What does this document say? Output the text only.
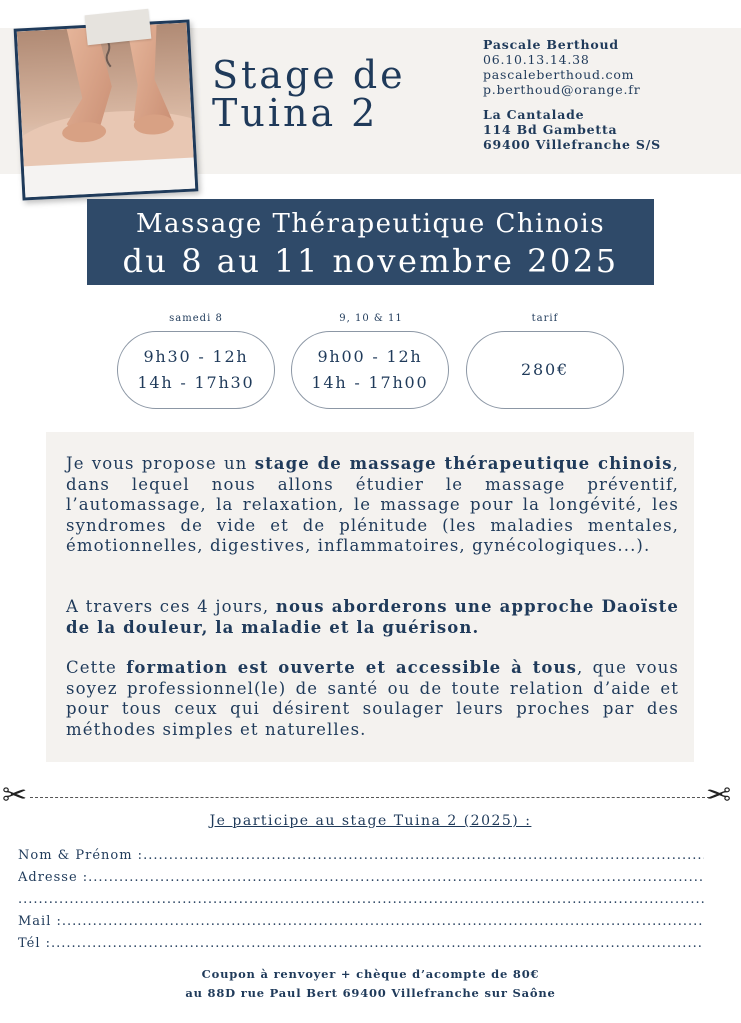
Stage de
Tuina 2
Pascale Berthoud
06.10.13.14.38
pascaleberthoud.com
p.berthoud@orange.fr
La Cantalade
114 Bd Gambetta
69400 Villefranche S/S
Massage Thérapeutique Chinois
du 8 au 11 novembre 2025
samedi 8
9h30 - 12h
14h - 17h30
9, 10 & 11
9h00 - 12h
14h - 17h00
tarif
280€
Je vous propose un stage de massage thérapeutique chinois, dans lequel nous allons étudier le massage préventif, l’automassage, la relaxation, le massage pour la longévité, les syndromes de vide et de plénitude (les maladies mentales, émotionnelles, digestives, inflammatoires, gynécologiques...).
A travers ces 4 jours, nous aborderons une approche Daoïste de la douleur, la maladie et la guérison.
Cette formation est ouverte et accessible à tous, que vous soyez professionnel(le) de santé ou de toute relation d’aide et pour tous ceux qui désirent soulager leurs proches par des méthodes simples et naturelles.
✂	✂
Je participe au stage Tuina 2 (2025) :
Nom & Prénom :
.....
Adresse :
.....
.....
Mail :
.....
Tél :
.....
Coupon à renvoyer + chèque d’acompte de 80€
au 88D rue Paul Bert 69400 Villefranche sur Saône
